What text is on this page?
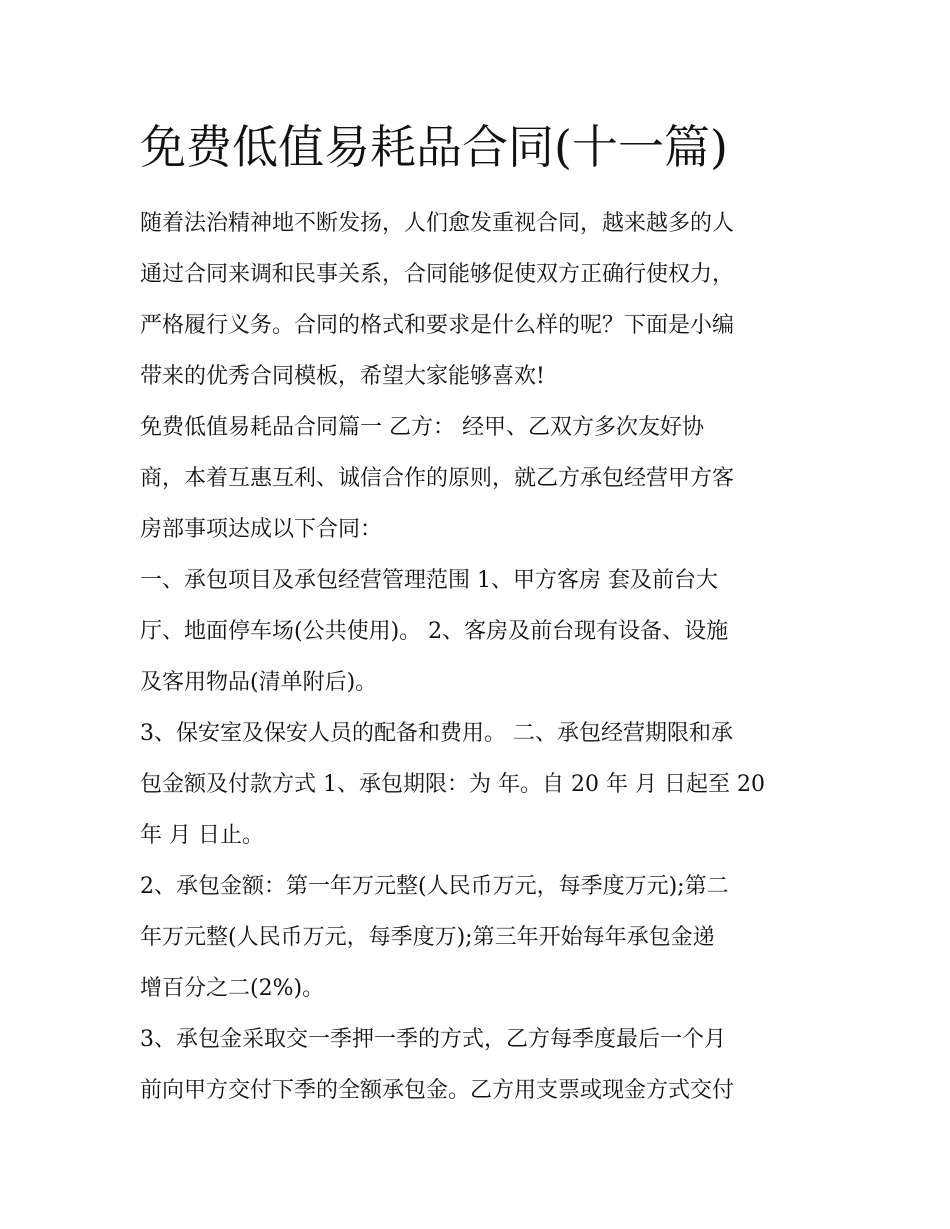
免费低值易耗品合同(十一篇)

随着法治精神地不断发扬，人们愈发重视合同，越来越多的人
通过合同来调和民事关系，合同能够促使双方正确行使权力，
严格履行义务。合同的格式和要求是什么样的呢？下面是小编
带来的优秀合同模板，希望大家能够喜欢!

免费低值易耗品合同篇一 乙方： 经甲、乙双方多次友好协
商，本着互惠互利、诚信合作的原则，就乙方承包经营甲方客
房部事项达成以下合同：

一、承包项目及承包经营管理范围 1、甲方客房 套及前台大
厅、地面停车场(公共使用)。 2、客房及前台现有设备、设施
及客用物品(清单附后)。

3、保安室及保安人员的配备和费用。 二、承包经营期限和承
包金额及付款方式 1、承包期限：为 年。自 20 年 月 日起至 20
年 月 日止。

2、承包金额：第一年万元整(人民币万元，每季度万元);第二
年万元整(人民币万元，每季度万);第三年开始每年承包金递
增百分之二(2%)。

3、承包金采取交一季押一季的方式，乙方每季度最后一个月
前向甲方交付下季的全额承包金。乙方用支票或现金方式交付
